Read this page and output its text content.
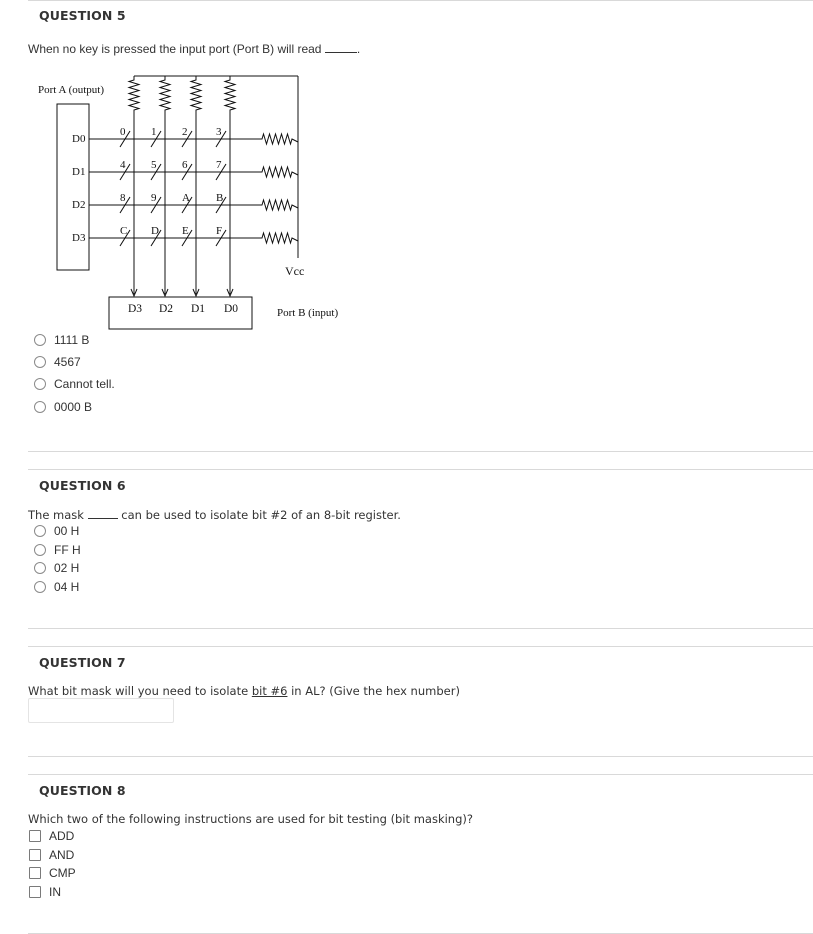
QUESTION 5
When no key is pressed the input port (Port B) will read	.
Port A (output)
D0
D1
D2
D3
0 1 2	3
4 5 6	7
8 9 A B
C D E F
Vcc
D3 D2 D1 D0	Port B (input)
1111 B
4567
Cannot tell.
0000 B
QUESTION 6
The mask	can be used to isolate bit #2 of an 8-bit register.
00 H
FF H
02 H
04 H
QUESTION 7
What bit mask will you need to isolate bit #6 in AL? (Give the hex number)
QUESTION 8
Which two of the following instructions are used for bit testing (bit masking)?
ADD
AND
CMP
IN
